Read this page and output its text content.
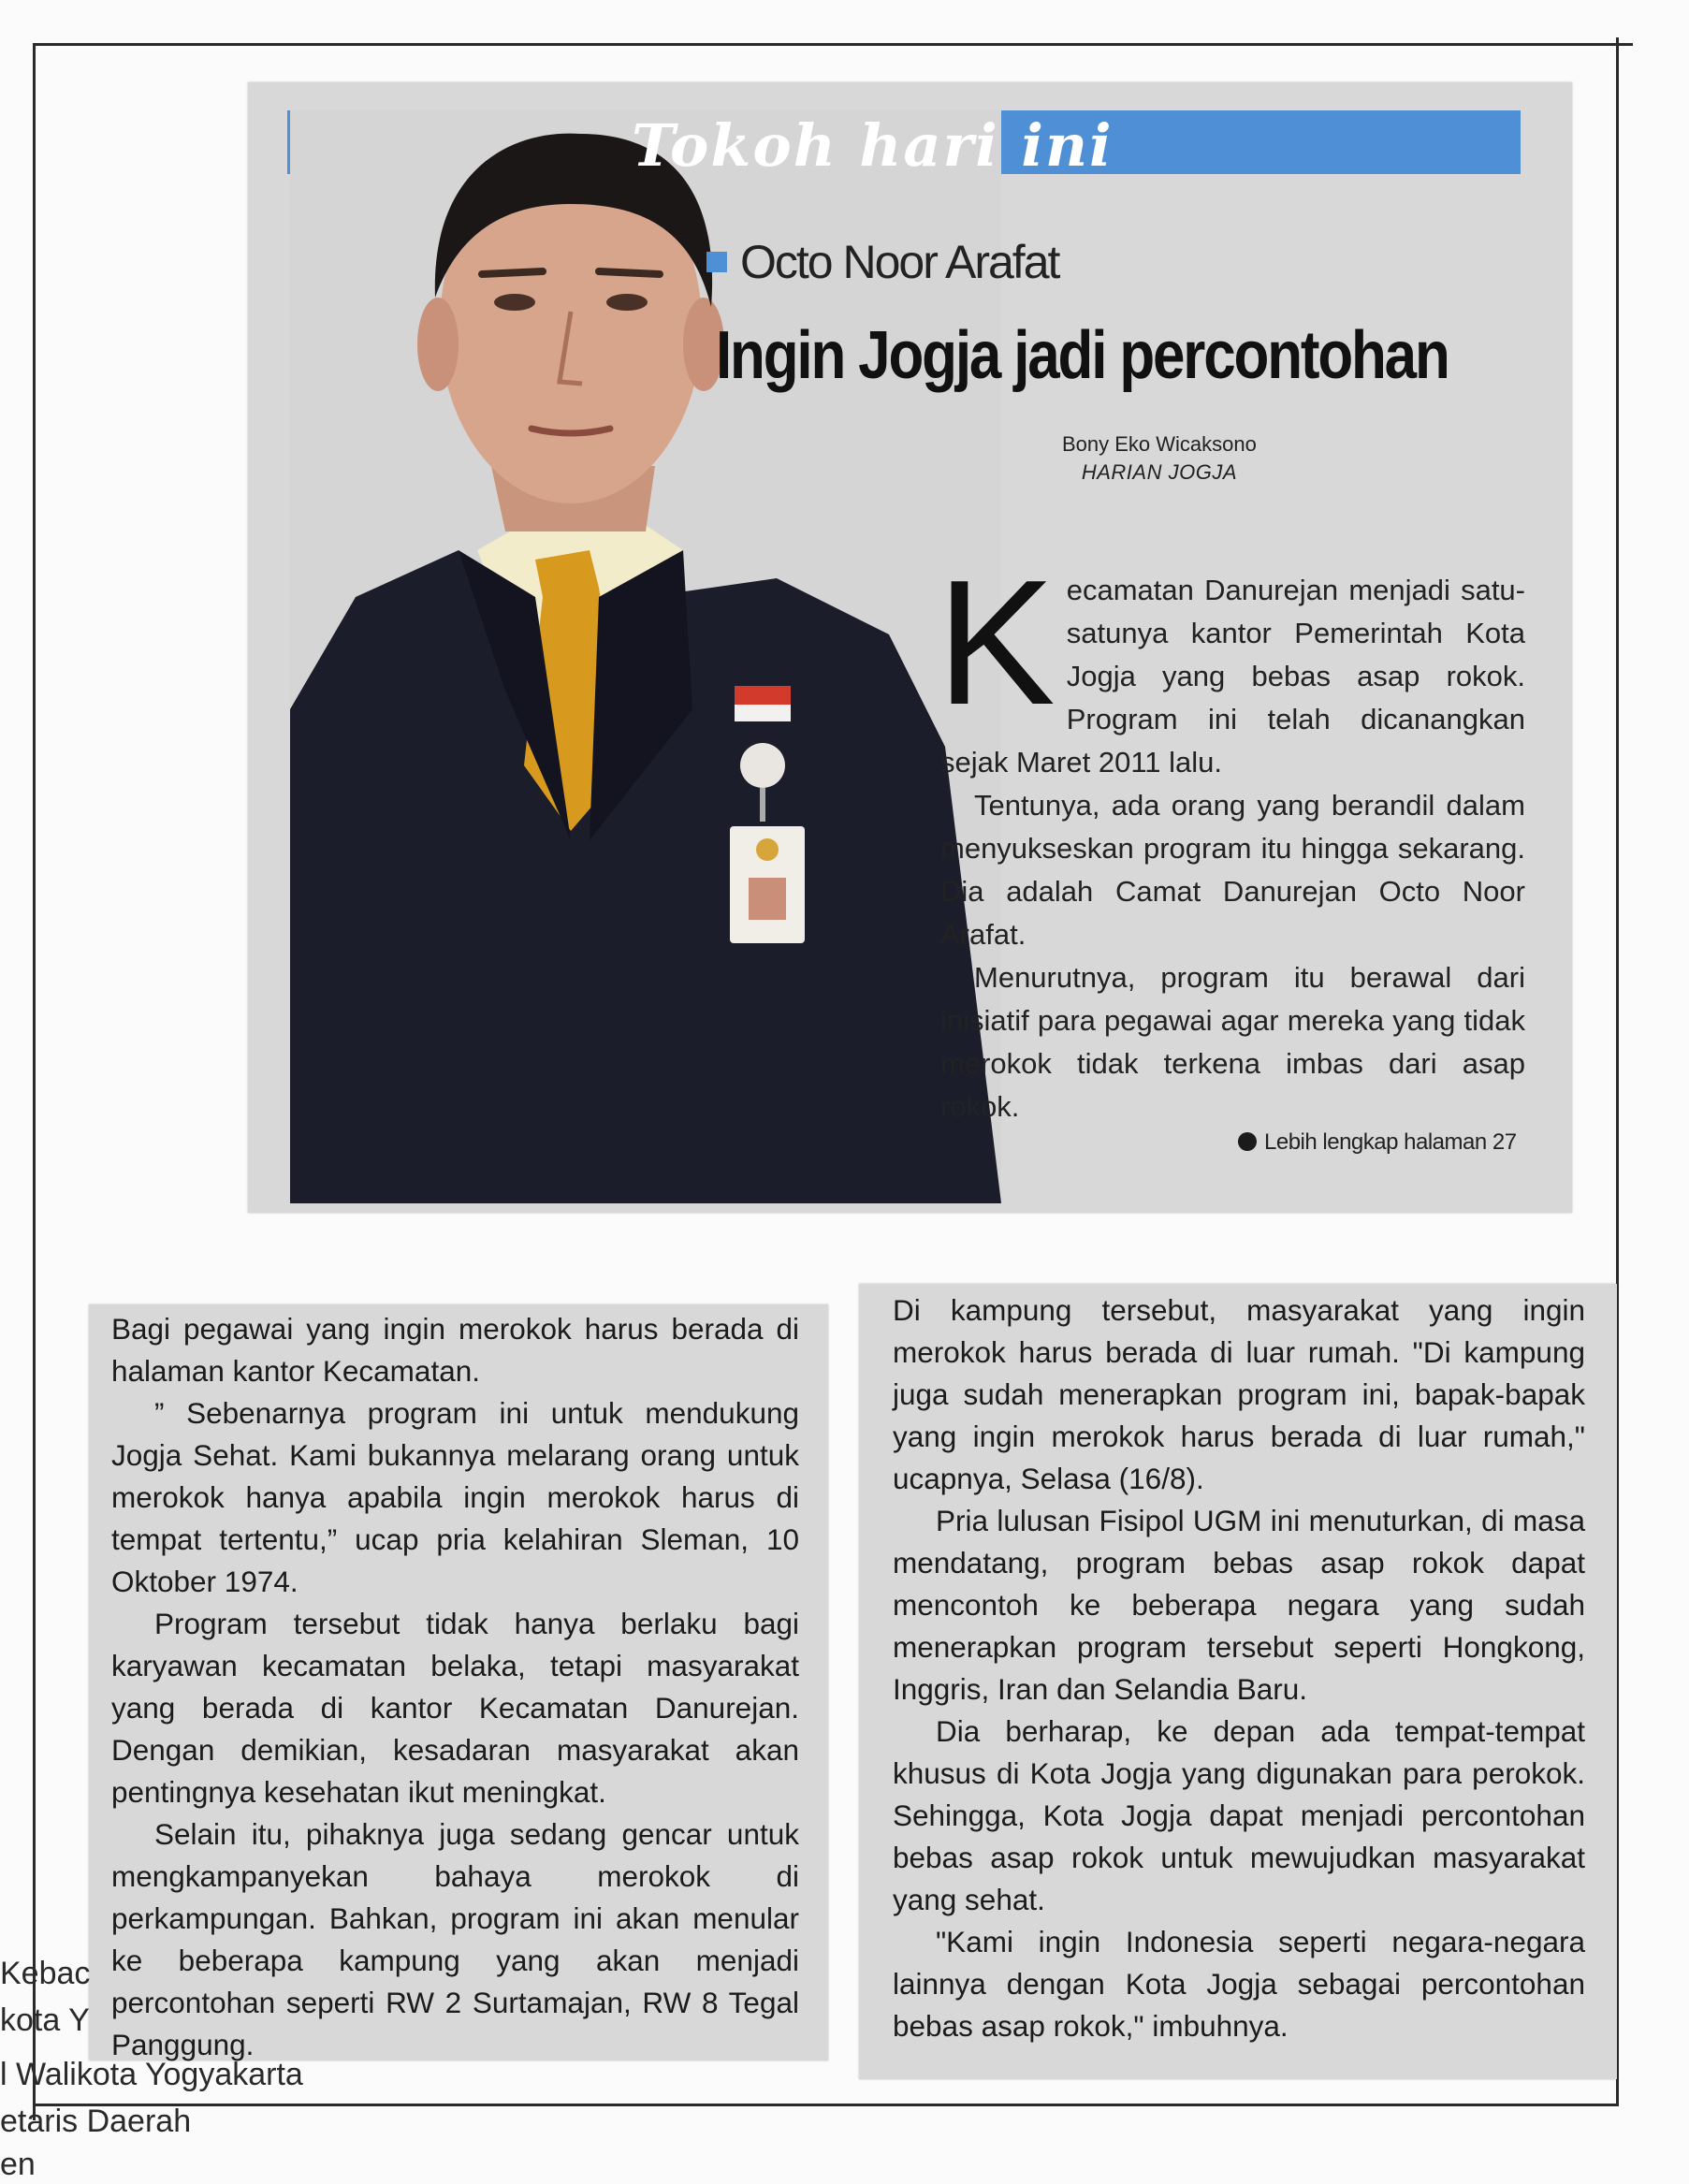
Tokoh hari ini
Octo Noor Arafat
Ingin Jogja jadi percontohan
Bony Eko Wicaksono
HARIAN JOGJA

Kecamatan Danurejan menjadi satu-satunya kantor Pemerintah Kota Jogja yang bebas asap rokok. Program ini telah dicanangkan sejak Maret 2011 lalu.

Tentunya, ada orang yang berandil dalam menyukseskan program itu hingga sekarang. Dia adalah Camat Danurejan Octo Noor Arafat.

Menurutnya, program itu berawal dari inisiatif para pegawai agar mereka yang tidak merokok tidak terkena imbas dari asap rokok.

Lebih lengkap halaman 27

Bagi pegawai yang ingin merokok harus berada di halaman kantor Kecamatan.

” Sebenarnya program ini untuk mendukung Jogja Sehat. Kami bukannya melarang orang untuk merokok hanya apabila ingin merokok harus di tempat tertentu,” ucap pria kelahiran Sleman, 10 Oktober 1974.

Program tersebut tidak hanya berlaku bagi karyawan kecamatan belaka, tetapi masyarakat yang berada di kantor Kecamatan Danurejan. Dengan demikian, kesadaran masyarakat akan pentingnya kesehatan ikut meningkat.

Selain itu, pihaknya juga sedang gencar untuk mengkampanyekan bahaya merokok di perkampungan. Bahkan, program ini akan menular ke beberapa kampung yang akan menjadi percontohan seperti RW 2 Surtamajan, RW 8 Tegal Panggung.

Di kampung tersebut, masyarakat yang ingin merokok harus berada di luar rumah. "Di kampung juga sudah menerapkan program ini, bapak-bapak yang ingin merokok harus berada di luar rumah," ucapnya, Selasa (16/8).

Pria lulusan Fisipol UGM ini menuturkan, di masa mendatang, program bebas asap rokok dapat mencontoh ke beberapa negara yang sudah menerapkan program tersebut seperti Hongkong, Inggris, Iran dan Selandia Baru.

Dia berharap, ke depan ada tempat-tempat khusus di Kota Jogja yang digunakan para perokok. Sehingga, Kota Jogja dapat menjadi percontohan bebas asap rokok untuk mewujudkan masyarakat yang sehat.

"Kami ingin Indonesia seperti negara-negara lainnya dengan Kota Jogja sebagai percontohan bebas asap rokok," imbuhnya.

Kebac
kota Y
l Walikota Yogyakarta
etaris Daerah
en
